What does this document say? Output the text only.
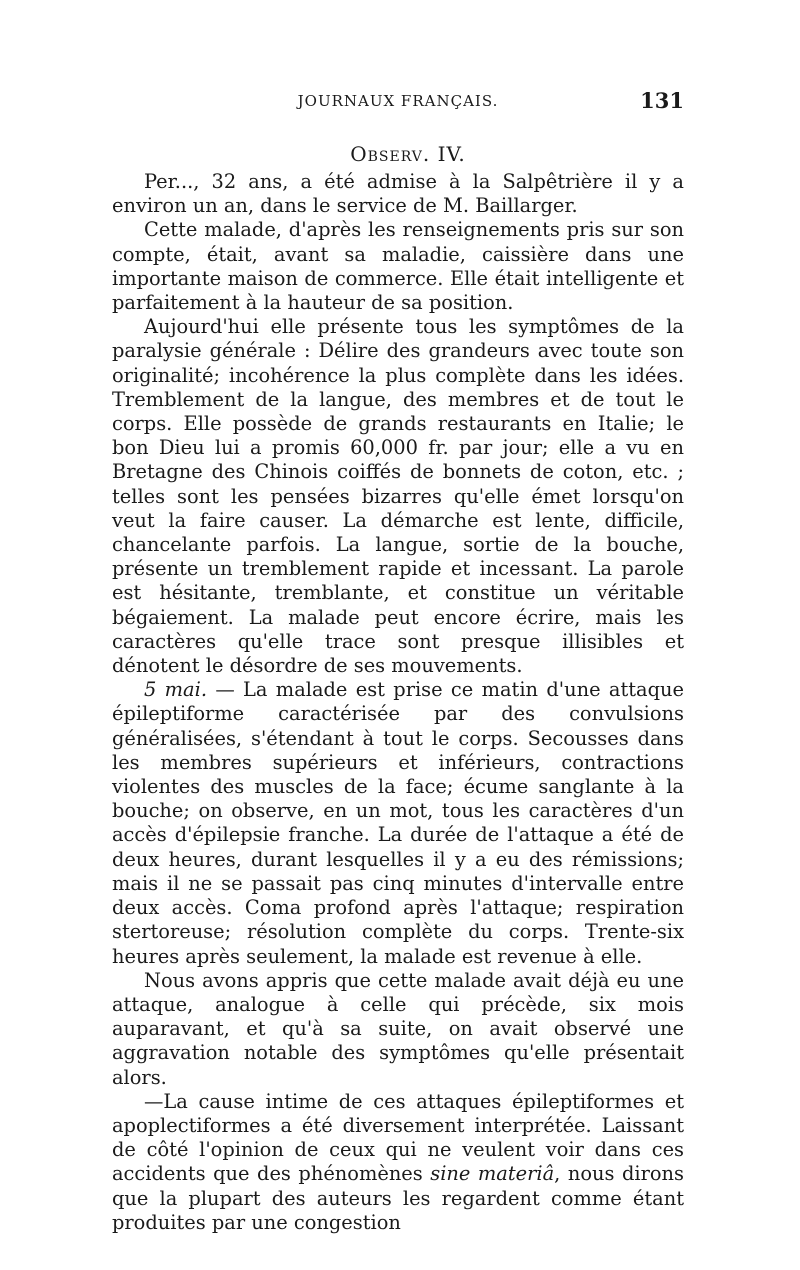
JOURNAUX FRANÇAIS.	131
Observ. IV.

Per..., 32 ans, a été admise à la Salpêtrière il y a environ un an, dans le service de M. Baillarger.

Cette malade, d'après les renseignements pris sur son compte, était, avant sa maladie, caissière dans une importante maison de commerce. Elle était intelligente et parfaitement à la hauteur de sa position.

Aujourd'hui elle présente tous les symptômes de la paralysie générale : Délire des grandeurs avec toute son originalité; incohérence la plus complète dans les idées. Tremblement de la langue, des membres et de tout le corps. Elle possède de grands restaurants en Italie; le bon Dieu lui a promis 60,000 fr. par jour; elle a vu en Bretagne des Chinois coiffés de bonnets de coton, etc. ; telles sont les pensées bizarres qu'elle émet lorsqu'on veut la faire causer. La démarche est lente, difficile, chancelante parfois. La langue, sortie de la bouche, présente un tremblement rapide et incessant. La parole est hésitante, tremblante, et constitue un véritable bégaiement. La malade peut encore écrire, mais les caractères qu'elle trace sont presque illisibles et dénotent le désordre de ses mouvements.

5 mai. — La malade est prise ce matin d'une attaque épileptiforme caractérisée par des convulsions généralisées, s'étendant à tout le corps. Secousses dans les membres supérieurs et inférieurs, contractions violentes des muscles de la face; écume sanglante à la bouche; on observe, en un mot, tous les caractères d'un accès d'épilepsie franche. La durée de l'attaque a été de deux heures, durant lesquelles il y a eu des rémissions; mais il ne se passait pas cinq minutes d'intervalle entre deux accès. Coma profond après l'attaque; respiration stertoreuse; résolution complète du corps. Trente-six heures après seulement, la malade est revenue à elle.

Nous avons appris que cette malade avait déjà eu une attaque, analogue à celle qui précède, six mois auparavant, et qu'à sa suite, on avait observé une aggravation notable des symptômes qu'elle présentait alors.

—La cause intime de ces attaques épileptiformes et apoplectiformes a été diversement interprétée. Laissant de côté l'opinion de ceux qui ne veulent voir dans ces accidents que des phénomènes sine materiâ, nous dirons que la plupart des auteurs les regardent comme étant produites par une congestion
